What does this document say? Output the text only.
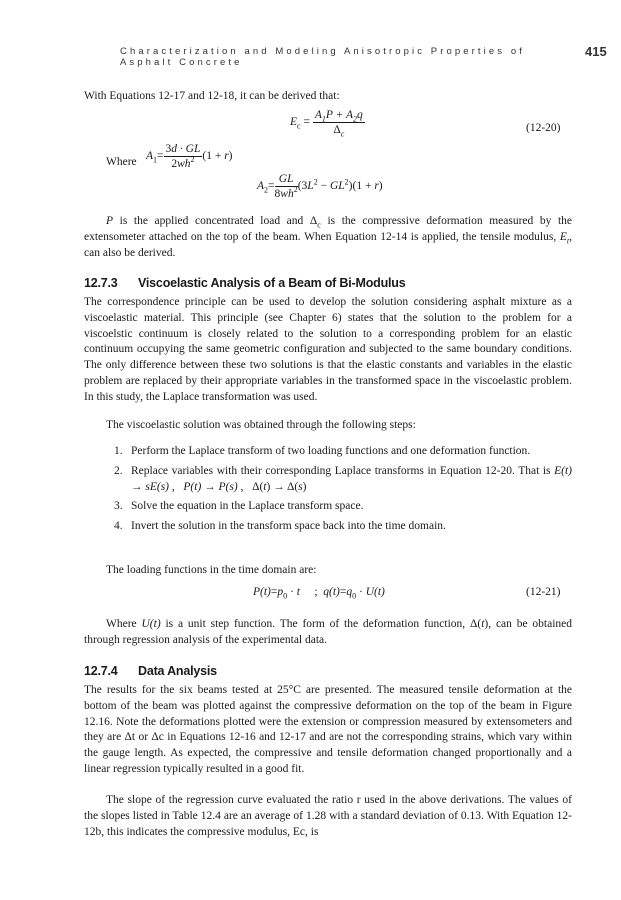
Characterization and Modeling Anisotropic Properties of Asphalt Concrete
415
With Equations 12-17 and 12-18, it can be derived that:
$E_c = \frac{A_1P + A_2q}{\Delta_c}$	(12-20)
Where $A_1= \frac{3d \cdot GL}{2wh^2} (1 + r)$
$A_2= \frac{GL}{8wh^2} (3L^2 - GL^2)(1 + r)$
P is the applied concentrated load and $\Delta_c$ is the compressive deformation measured by the extensometer attached on the top of the beam. When Equation 12-14 is applied, the tensile modulus, $E_t$, can also be derived.
12.7.3 Viscoelastic Analysis of a Beam of Bi-Modulus
The correspondence principle can be used to develop the solution considering asphalt mixture as a viscoelastic material. This principle (see Chapter 6) states that the solution to the problem for a viscoelstic continuum is closely related to the solution to a corresponding problem for an elastic continuum occupying the same geometric configuration and subjected to the same boundary conditions. The only difference between these two solutions is that the elastic constants and variables in the elastic problem are replaced by their appropriate variables in the transformed space in the viscoelastic problem. In this study, the Laplace transformation was used.
The viscoelastic solution was obtained through the following steps:
1. Perform the Laplace transform of two loading functions and one deformation function.
2. Replace variables with their corresponding Laplace transforms in Equation 12-20. That is E(t) → sE(s) ,   P(t) → P(s) ,   Δ(t) → Δ(s)
3. Solve the equation in the Laplace transform space.
4. Invert the solution in the transform space back into the time domain.
The loading functions in the time domain are:
$P(t)=p_0 \cdot t$     ;  $q(t)=q_0 \cdot U(t)$	(12-21)
Where U(t) is a unit step function. The form of the deformation function, Δ(t), can be obtained through regression analysis of the experimental data.
12.7.4 Data Analysis
The results for the six beams tested at 25°C are presented. The measured tensile deformation at the bottom of the beam was plotted against the compressive deformation on the top of the beam in Figure 12.16. Note the deformations plotted were the extension or compression measured by extensometers and they are Δt or Δc in Equations 12-16 and 12-17 and are not the corresponding strains, which vary within the gauge length. As expected, the compressive and tensile deformation changed proportionally and a linear regression typically resulted in a good fit.
The slope of the regression curve evaluated the ratio r used in the above derivations. The values of the slopes listed in Table 12.4 are an average of 1.28 with a standard deviation of 0.13. With Equation 12-12b, this indicates the compressive modulus, Ec, is
